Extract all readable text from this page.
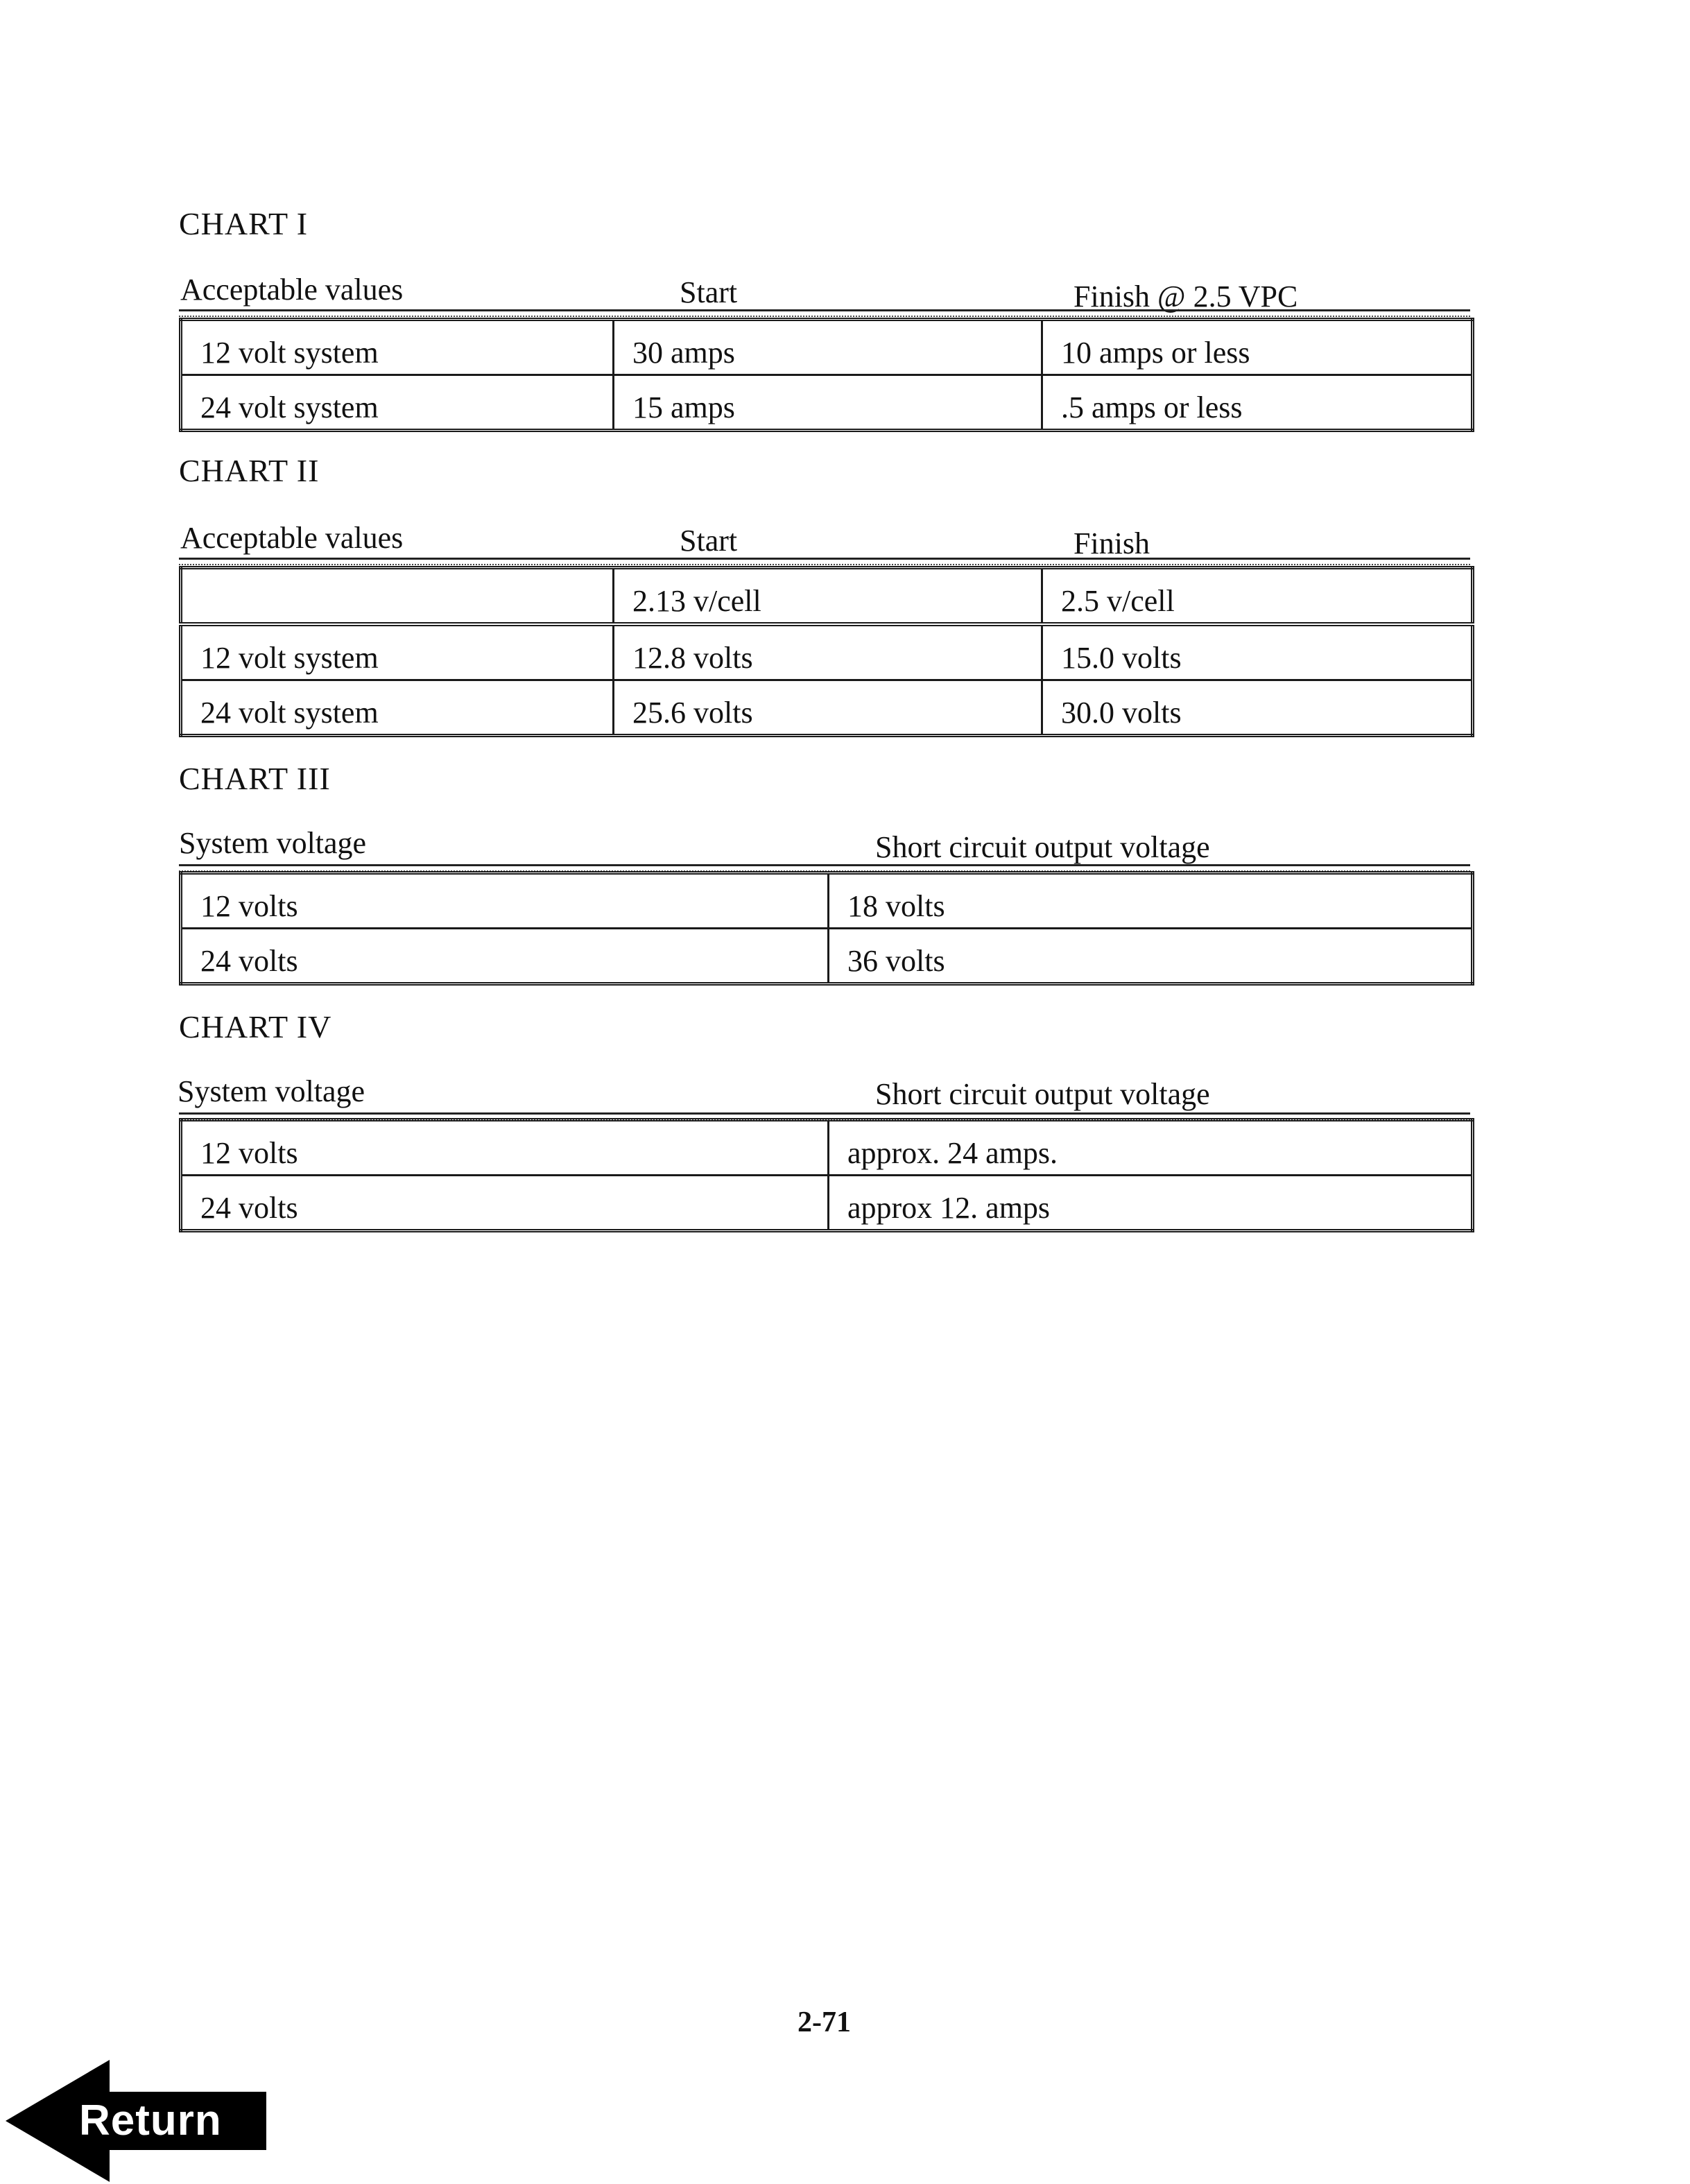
CHART I
Acceptable values	Start	Finish @ 2.5 VPC
12 volt system	30 amps	10 amps or less
24 volt system	15 amps	.5 amps or less
CHART II
Acceptable values	Start	Finish
	2.13 v/cell	2.5 v/cell
12 volt system	12.8 volts	15.0 volts
24 volt system	25.6 volts	30.0 volts
CHART III
System voltage	Short circuit output voltage
12 volts	18 volts
24 volts	36 volts
CHART IV
System voltage	Short circuit output voltage
12 volts	approx. 24 amps.
24 volts	approx 12. amps
2-71
Return
